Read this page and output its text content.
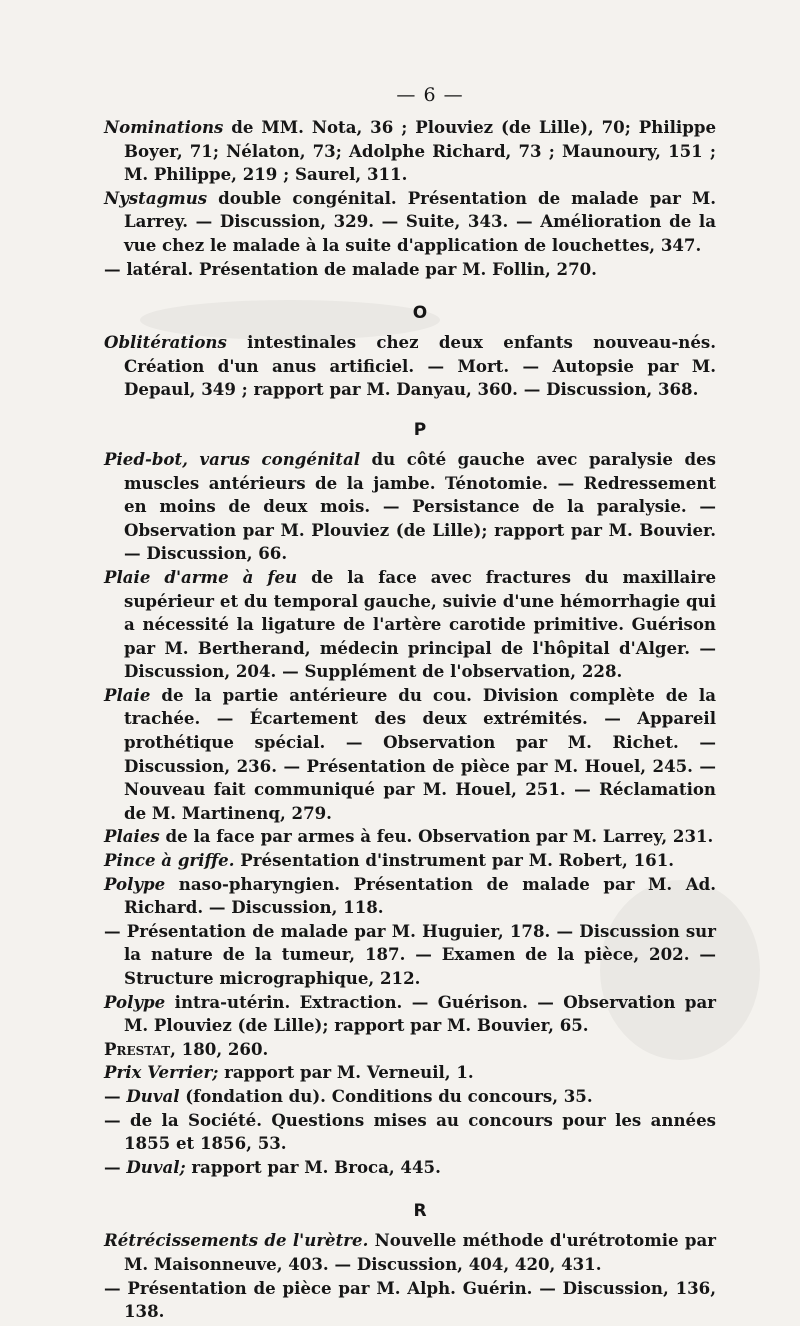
— 6 —

Nominations de MM. Nota, 36 ; Plouviez (de Lille), 70; Philippe Boyer, 71; Nélaton, 73; Adolphe Richard, 73 ; Maunoury, 151 ; M. Philippe, 219 ; Saurel, 311.

Nystagmus double congénital. Présentation de malade par M. Larrey. — Discussion, 329. — Suite, 343. — Amélioration de la vue chez le malade à la suite d'application de louchettes, 347.

— latéral. Présentation de malade par M. Follin, 270.

O

Oblitérations intestinales chez deux enfants nouveau-nés. Création d'un anus artificiel. — Mort. — Autopsie par M. Depaul, 349 ; rapport par M. Danyau, 360. — Discussion, 368.

P

Pied-bot, varus congénital du côté gauche avec paralysie des muscles antérieurs de la jambe. Ténotomie. — Redressement en moins de deux mois. — Persistance de la paralysie. — Observation par M. Plouviez (de Lille); rapport par M. Bouvier. — Discussion, 66.

Plaie d'arme à feu de la face avec fractures du maxillaire supérieur et du temporal gauche, suivie d'une hémorrhagie qui a nécessité la ligature de l'artère carotide primitive. Guérison par M. Bertherand, médecin principal de l'hôpital d'Alger. — Discussion, 204. — Supplément de l'observation, 228.

Plaie de la partie antérieure du cou. Division complète de la trachée. — Écartement des deux extrémités. — Appareil prothétique spécial. — Observation par M. Richet. — Discussion, 236. — Présentation de pièce par M. Houel, 245. — Nouveau fait communiqué par M. Houel, 251. — Réclamation de M. Martinenq, 279.

Plaies de la face par armes à feu. Observation par M. Larrey, 231.

Pince à griffe. Présentation d'instrument par M. Robert, 161.

Polype naso-pharyngien. Présentation de malade par M. Ad. Richard. — Discussion, 118.

— Présentation de malade par M. Huguier, 178. — Discussion sur la nature de la tumeur, 187. — Examen de la pièce, 202. — Structure micrographique, 212.

Polype intra-utérin. Extraction. — Guérison. — Observation par M. Plouviez (de Lille); rapport par M. Bouvier, 65.

Prestat, 180, 260.

Prix Verrier; rapport par M. Verneuil, 1.

— Duval (fondation du). Conditions du concours, 35.

— de la Société. Questions mises au concours pour les années 1855 et 1856, 53.

— Duval; rapport par M. Broca, 445.

R

Rétrécissements de l'urètre. Nouvelle méthode d'urétrotomie par M. Maisonneuve, 403. — Discussion, 404, 420, 431.

— Présentation de pièce par M. Alph. Guérin. — Discussion, 136, 138.
